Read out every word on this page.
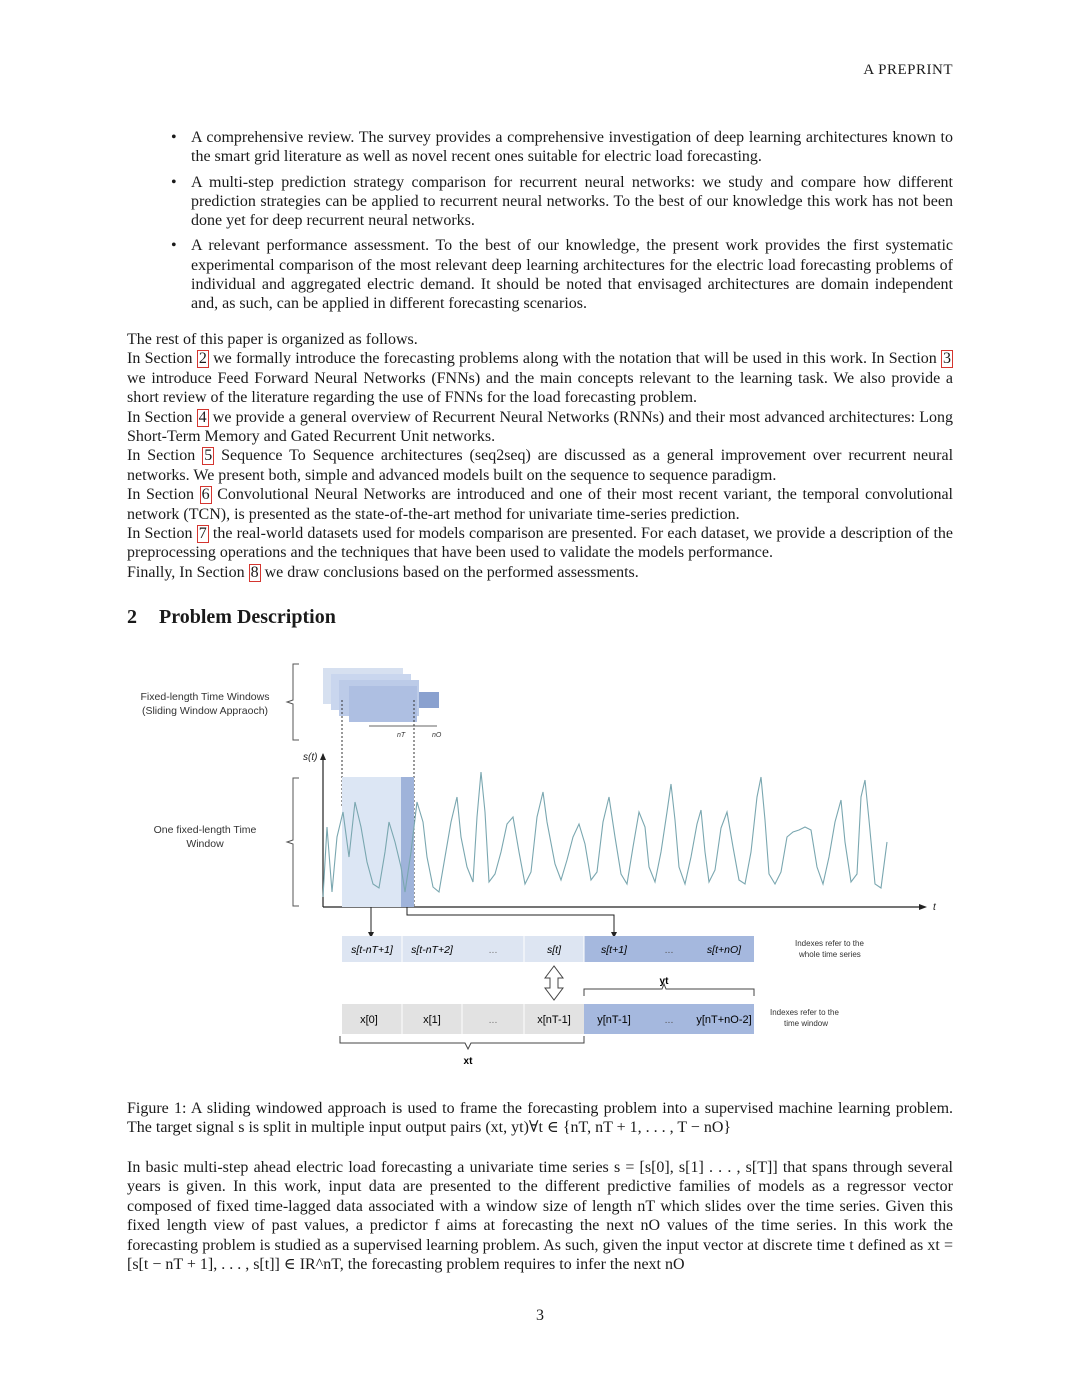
A PREPRINT
• A comprehensive review. The survey provides a comprehensive investigation of deep learning architectures known to the smart grid literature as well as novel recent ones suitable for electric load forecasting.
• A multi-step prediction strategy comparison for recurrent neural networks: we study and compare how different prediction strategies can be applied to recurrent neural networks. To the best of our knowledge this work has not been done yet for deep recurrent neural networks.
• A relevant performance assessment. To the best of our knowledge, the present work provides the first systematic experimental comparison of the most relevant deep learning architectures for the electric load forecasting problems of individual and aggregated electric demand. It should be noted that envisaged architectures are domain independent and, as such, can be applied in different forecasting scenarios.

The rest of this paper is organized as follows.

In Section 2 we formally introduce the forecasting problems along with the notation that will be used in this work. In Section 3 we introduce Feed Forward Neural Networks (FNNs) and the main concepts relevant to the learning task. We also provide a short review of the literature regarding the use of FNNs for the load forecasting problem.

In Section 4 we provide a general overview of Recurrent Neural Networks (RNNs) and their most advanced architectures: Long Short-Term Memory and Gated Recurrent Unit networks.

In Section 5 Sequence To Sequence architectures (seq2seq) are discussed as a general improvement over recurrent neural networks. We present both, simple and advanced models built on the sequence to sequence paradigm.

In Section 6 Convolutional Neural Networks are introduced and one of their most recent variant, the temporal convolutional network (TCN), is presented as the state-of-the-art method for univariate time-series prediction.

In Section 7 the real-world datasets used for models comparison are presented. For each dataset, we provide a description of the preprocessing operations and the techniques that have been used to validate the models performance.

Finally, In Section 8 we draw conclusions based on the performed assessments.

2 Problem Description
Fixed-length Time Windows
(Sliding Window Appraoch)
nT	nO
s(t)
t
One fixed-length Time
Window
s[t-nT+1] s[t-nT+2]	...	s[t]	s[t+1]	...	s[t+nO]
Indexes refer to the
whole time series
yt
x[0]	x[1]	...	x[nT-1] y[nT-1]	... y[nT+nO-2]
Indexes refer to the
time window
xt
Figure 1: A sliding windowed approach is used to frame the forecasting problem into a supervised machine learning problem. The target signal s is split in multiple input output pairs (xt, yt)∀t ∈ {nT, nT + 1, . . . , T − nO}
In basic multi-step ahead electric load forecasting a univariate time series s = [s[0], s[1] . . . , s[T]] that spans through several years is given. In this work, input data are presented to the different predictive families of models as a regressor vector composed of fixed time-lagged data associated with a window size of length nT which slides over the time series. Given this fixed length view of past values, a predictor f aims at forecasting the next nO values of the time series. In this work the forecasting problem is studied as a supervised learning problem. As such, given the input vector at discrete time t defined as xt = [s[t − nT + 1], . . . , s[t]] ∈ IR^nT, the forecasting problem requires to infer the next nO
3
